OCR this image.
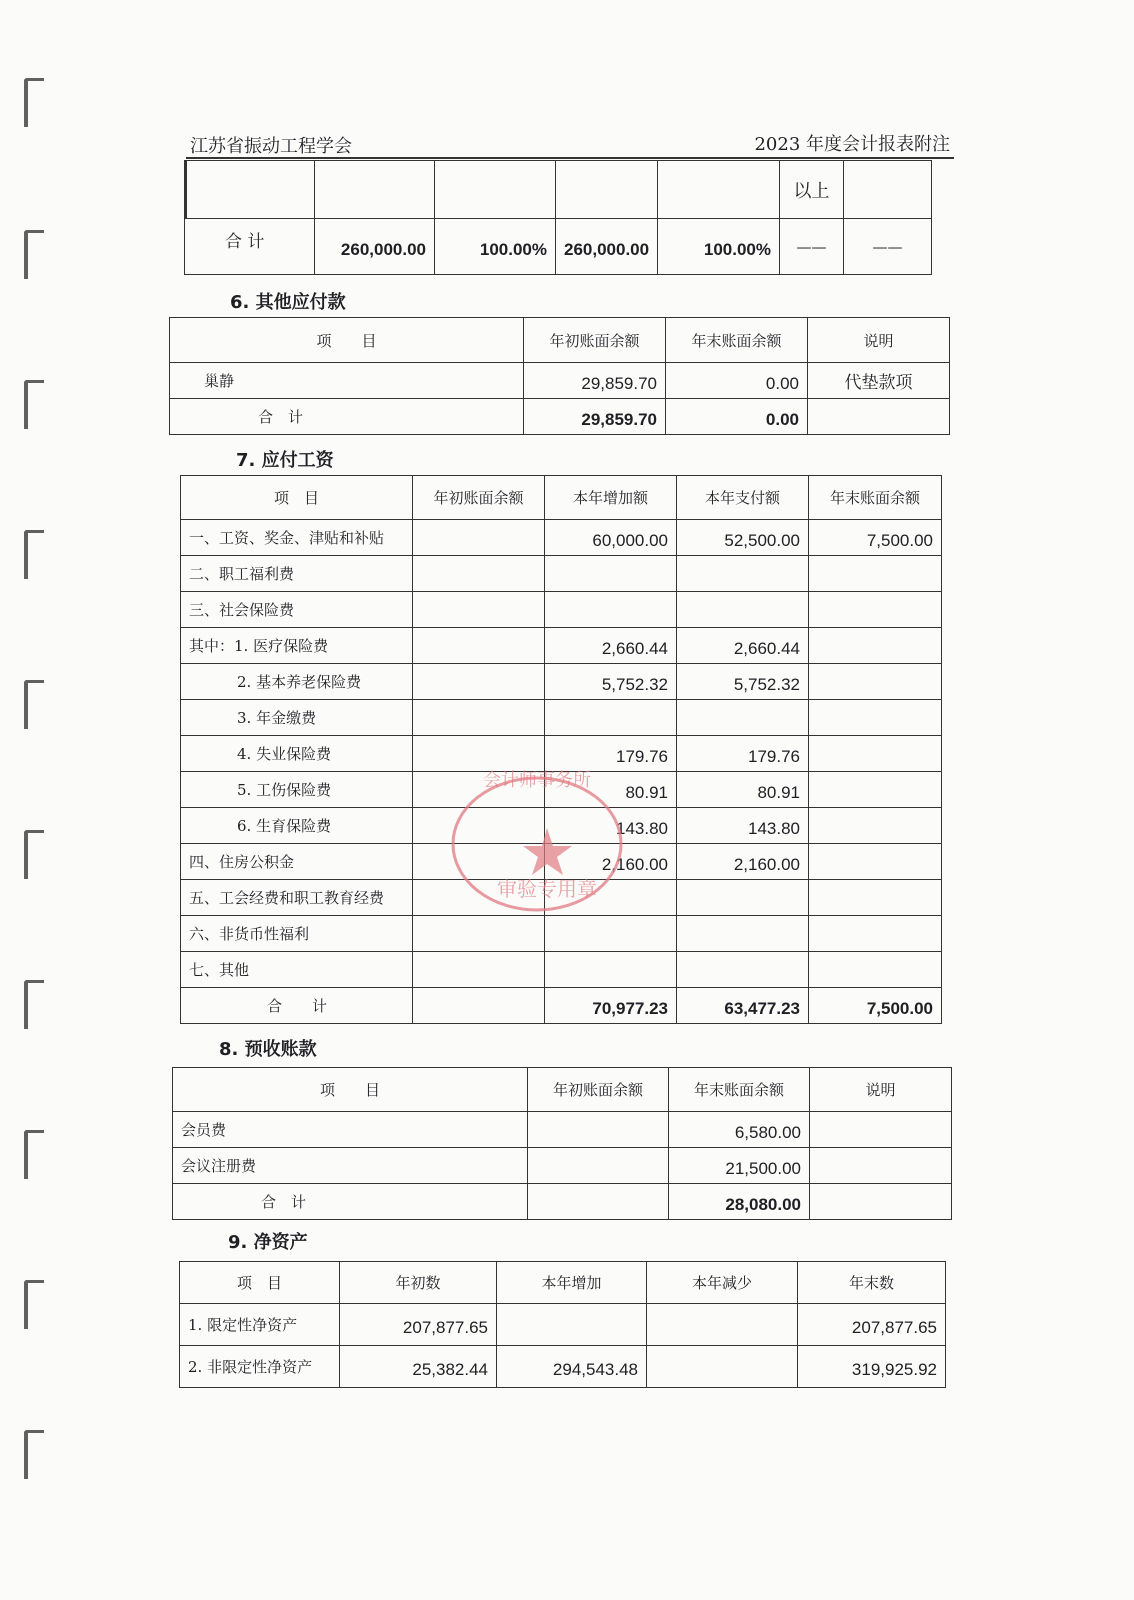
江苏省振动工程学会	2023 年度会计报表附注
					以上	
合 计	260,000.00	100.00%	260,000.00	100.00%	——	——
6. 其他应付款
项　　目	年初账面余额	年末账面余额	说明
巢静	29,859.70	0.00	代垫款项
合　计	29,859.70	0.00	
7. 应付工资
项　目	年初账面余额	本年增加额	本年支付额	年末账面余额
一、工资、奖金、津贴和补贴		60,000.00	52,500.00	7,500.00
二、职工福利费				
三、社会保险费				
其中：1. 医疗保险费		2,660.44	2,660.44	
2. 基本养老保险费		5,752.32	5,752.32	
3. 年金缴费				
4. 失业保险费		179.76	179.76	
5. 工伤保险费		80.91	80.91	
6. 生育保险费		143.80	143.80	
四、住房公积金		2,160.00	2,160.00	
五、工会经费和职工教育经费				
六、非货币性福利				
七、其他				
合　　计		70,977.23	63,477.23	7,500.00
会计师事务所
审验专用章
8. 预收账款
项　　目	年初账面余额	年末账面余额	说明
会员费		6,580.00	
会议注册费		21,500.00	
合　计		28,080.00	
9. 净资产
项　目	年初数	本年增加	本年减少	年末数
1. 限定性净资产	207,877.65			207,877.65
2. 非限定性净资产	25,382.44	294,543.48		319,925.92
